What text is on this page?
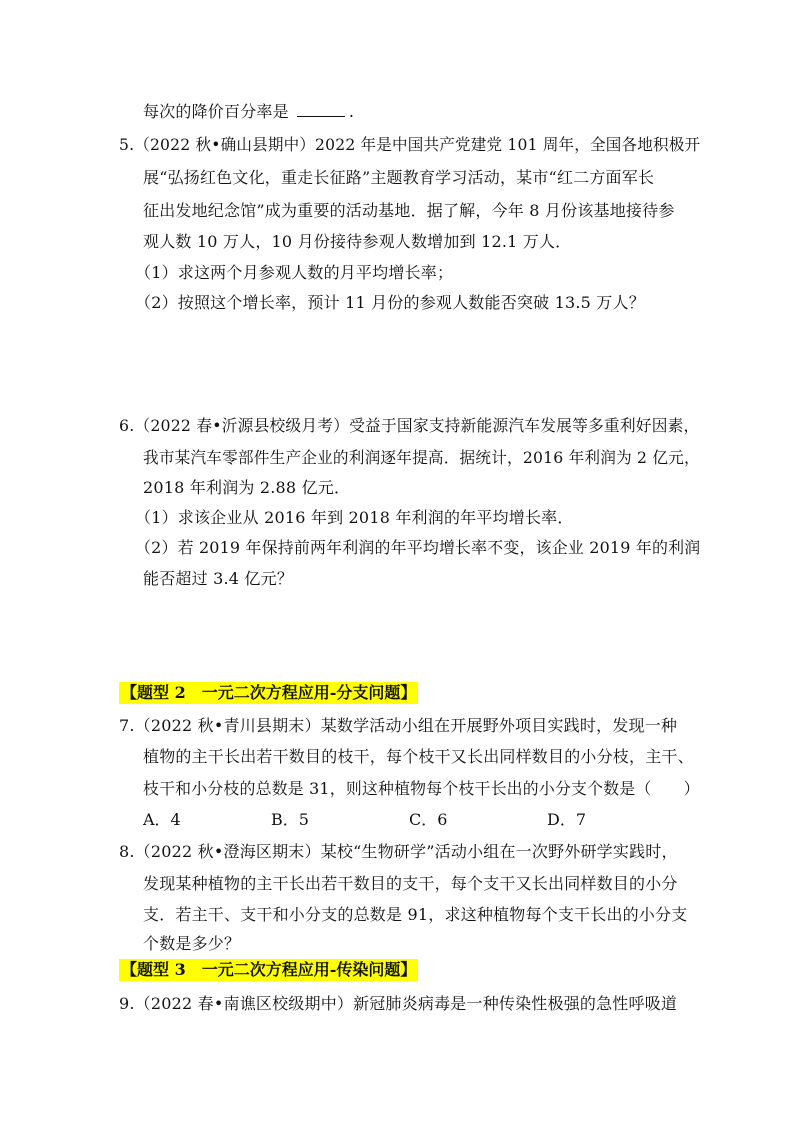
每次的降价百分率是	.
5.（2022 秋•确山县期中）2022 年是中国共产党建党 101 周年，全国各地积极开
展“弘扬红色文化，重走长征路”主题教育学习活动，某市“红二方面军长
征出发地纪念馆”成为重要的活动基地．据了解，今年 8 月份该基地接待参
观人数 10 万人，10 月份接待参观人数增加到 12.1 万人．
（1）求这两个月参观人数的月平均增长率；
（2）按照这个增长率，预计 11 月份的参观人数能否突破 13.5 万人？
6.（2022 春•沂源县校级月考）受益于国家支持新能源汽车发展等多重利好因素，
我市某汽车零部件生产企业的利润逐年提高．据统计，2016 年利润为 2 亿元，
2018 年利润为 2.88 亿元．
（1）求该企业从 2016 年到 2018 年利润的年平均增长率．
（2）若 2019 年保持前两年利润的年平均增长率不变，该企业 2019 年的利润
能否超过 3.4 亿元？
【题型 2　一元二次方程应用-分支问题】
7.（2022 秋•青川县期末）某数学活动小组在开展野外项目实践时，发现一种
植物的主干长出若干数目的枝干，每个枝干又长出同样数目的小分枝，主干、
枝干和小分枝的总数是 31，则这种植物每个枝干长出的小分支个数是（　　）
A．4	B．5	C．6	D．7
8.（2022 秋•澄海区期末）某校“生物研学”活动小组在一次野外研学实践时，
发现某种植物的主干长出若干数目的支干，每个支干又长出同样数目的小分
支．若主干、支干和小分支的总数是 91，求这种植物每个支干长出的小分支
个数是多少？
【题型 3　一元二次方程应用-传染问题】
9.（2022 春•南谯区校级期中）新冠肺炎病毒是一种传染性极强的急性呼吸道
